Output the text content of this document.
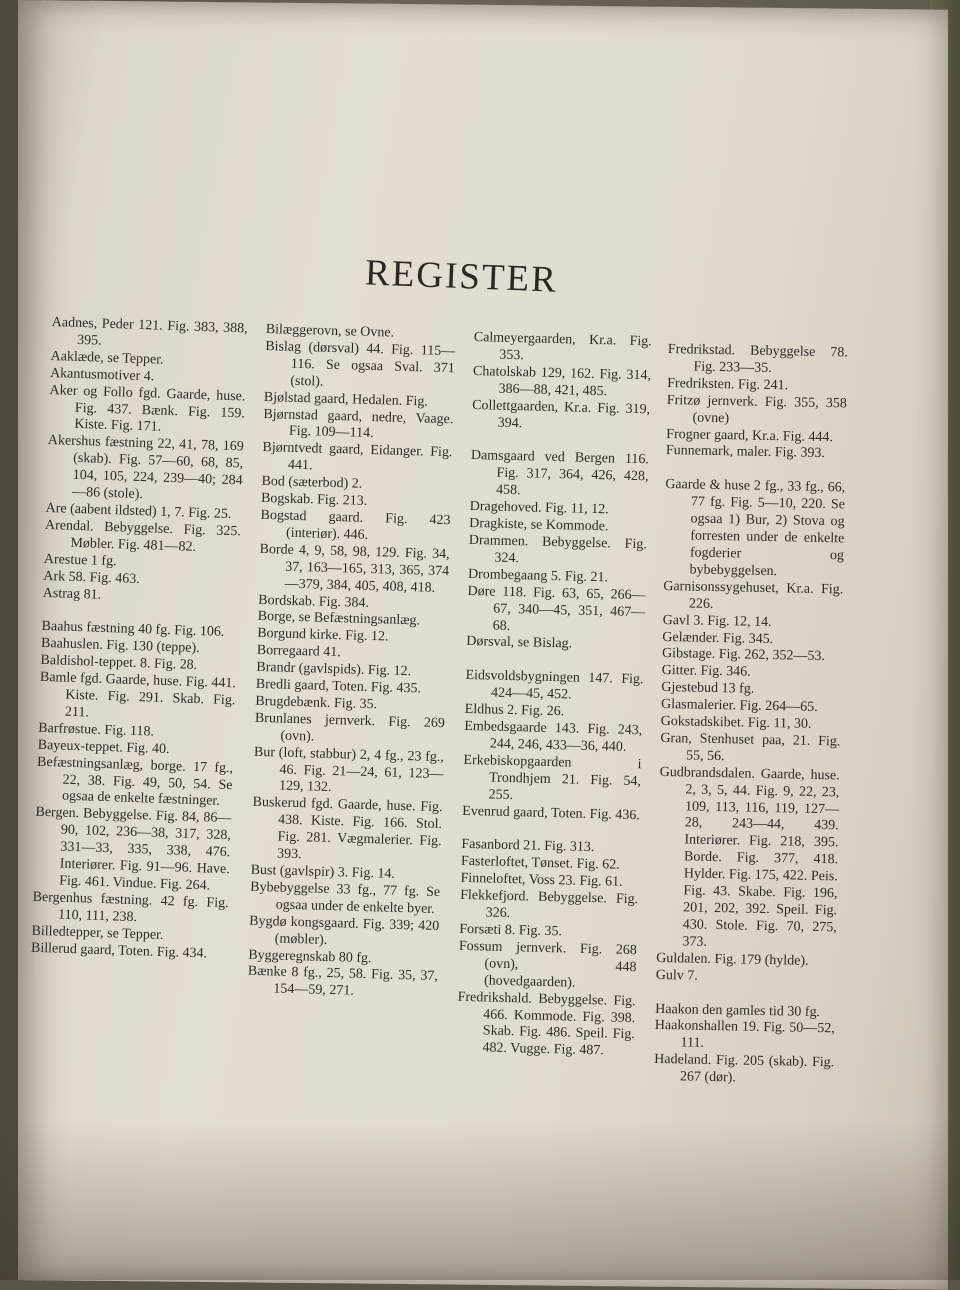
REGISTER

Aadnes, Peder 121. Fig. 383, 388, 395.

Aaklæde, se Tepper.

Akantusmotiver 4.

Aker og Follo fgd. Gaarde, huse. Fig. 437. Bænk. Fig. 159. Kiste. Fig. 171.

Akershus fæstning 22, 41, 78, 169 (skab). Fig. 57—60, 68, 85, 104, 105, 224, 239—40; 284—86 (stole).

Are (aabent ildsted) 1, 7. Fig. 25.

Arendal. Bebyggelse. Fig. 325. Møbler. Fig. 481—82.

Arestue 1 fg.

Ark 58. Fig. 463.

Astrag 81.

Baahus fæstning 40 fg. Fig. 106.

Baahuslen. Fig. 130 (teppe).

Baldishol-teppet. 8. Fig. 28.

Bamle fgd. Gaarde, huse. Fig. 441. Kiste. Fig. 291. Skab. Fig. 211.

Barfrøstue. Fig. 118.

Bayeux-teppet. Fig. 40.

Befæstningsanlæg, borge. 17 fg., 22, 38. Fig. 49, 50, 54. Se ogsaa de enkelte fæstninger.

Bergen. Bebyggelse. Fig. 84, 86—90, 102, 236—38, 317, 328, 331—33, 335, 338, 476. Interiører. Fig. 91—96. Have. Fig. 461. Vindue. Fig. 264.

Bergenhus fæstning. 42 fg. Fig. 110, 111, 238.

Billedtepper, se Tepper.

Billerud gaard, Toten. Fig. 434.

Bilæggerovn, se Ovne.

Bislag (dørsval) 44. Fig. 115—116. Se ogsaa Sval. 371 (stol).

Bjølstad gaard, Hedalen. Fig.

Bjørnstad gaard, nedre, Vaage. Fig. 109—114.

Bjørntvedt gaard, Eidanger. Fig. 441.

Bod (sæterbod) 2.

Bogskab. Fig. 213.

Bogstad gaard. Fig. 423 (interiør). 446.

Borde 4, 9, 58, 98, 129. Fig. 34, 37, 163—165, 313, 365, 374—379, 384, 405, 408, 418.

Bordskab. Fig. 384.

Borge, se Befæstningsanlæg.

Borgund kirke. Fig. 12.

Borregaard 41.

Brandr (gavlspids). Fig. 12.

Bredli gaard, Toten. Fig. 435.

Brugdebænk. Fig. 35.

Brunlanes jernverk. Fig. 269 (ovn).

Bur (loft, stabbur) 2, 4 fg., 23 fg., 46. Fig. 21—24, 61, 123—129, 132.

Buskerud fgd. Gaarde, huse. Fig. 438. Kiste. Fig. 166. Stol. Fig. 281. Vægmalerier. Fig. 393.

Bust (gavlspir) 3. Fig. 14.

Bybebyggelse 33 fg., 77 fg. Se ogsaa under de enkelte byer.

Bygdø kongsgaard. Fig. 339; 420 (møbler).

Byggeregnskab 80 fg.

Bænke 8 fg., 25, 58. Fig. 35, 37, 154—59, 271.

Calmeyergaarden, Kr.a. Fig. 353.

Chatolskab 129, 162. Fig. 314, 386—88, 421, 485.

Collettgaarden, Kr.a. Fig. 319, 394.

Damsgaard ved Bergen 116. Fig. 317, 364, 426, 428, 458.

Dragehoved. Fig. 11, 12.

Dragkiste, se Kommode.

Drammen. Bebyggelse. Fig. 324.

Drombegaang 5. Fig. 21.

Døre 118. Fig. 63, 65, 266—67, 340—45, 351, 467—68.

Dørsval, se Bislag.

Eidsvoldsbygningen 147. Fig. 424—45, 452.

Eldhus 2. Fig. 26.

Embedsgaarde 143. Fig. 243, 244, 246, 433—36, 440.

Erkebiskopgaarden i Trondhjem 21. Fig. 54, 255.

Evenrud gaard, Toten. Fig. 436.

Fasanbord 21. Fig. 313.

Fasterloftet, Tønset. Fig. 62.

Finneloftet, Voss 23. Fig. 61.

Flekkefjord. Bebyggelse. Fig. 326.

Forsæti 8. Fig. 35.

Fossum jernverk. Fig. 268 (ovn), 448 (hovedgaarden).

Fredrikshald. Bebyggelse. Fig. 466. Kommode. Fig. 398. Skab. Fig. 486. Speil. Fig. 482. Vugge. Fig. 487.

Fredrikstad. Bebyggelse 78. Fig. 233—35.

Fredriksten. Fig. 241.

Fritzø jernverk. Fig. 355, 358 (ovne)

Frogner gaard, Kr.a. Fig. 444.

Funnemark, maler. Fig. 393.

Gaarde & huse 2 fg., 33 fg., 66, 77 fg. Fig. 5—10, 220. Se ogsaa 1) Bur, 2) Stova og forresten under de enkelte fogderier og bybebyggelsen.

Garnisonssygehuset, Kr.a. Fig. 226.

Gavl 3. Fig. 12, 14.

Gelænder. Fig. 345.

Gibstage. Fig. 262, 352—53.

Gitter. Fig. 346.

Gjestebud 13 fg.

Glasmalerier. Fig. 264—65.

Gokstadskibet. Fig. 11, 30.

Gran, Stenhuset paa, 21. Fig. 55, 56.

Gudbrandsdalen. Gaarde, huse. 2, 3, 5, 44. Fig. 9, 22, 23, 109, 113, 116, 119, 127—28, 243—44, 439. Interiører. Fig. 218, 395. Borde. Fig. 377, 418. Hylder. Fig. 175, 422. Peis. Fig. 43. Skabe. Fig. 196, 201, 202, 392. Speil. Fig. 430. Stole. Fig. 70, 275, 373.

Guldalen. Fig. 179 (hylde).

Gulv 7.

Haakon den gamles tid 30 fg.

Haakonshallen 19. Fig. 50—52, 111.

Hadeland. Fig. 205 (skab). Fig. 267 (dør).
